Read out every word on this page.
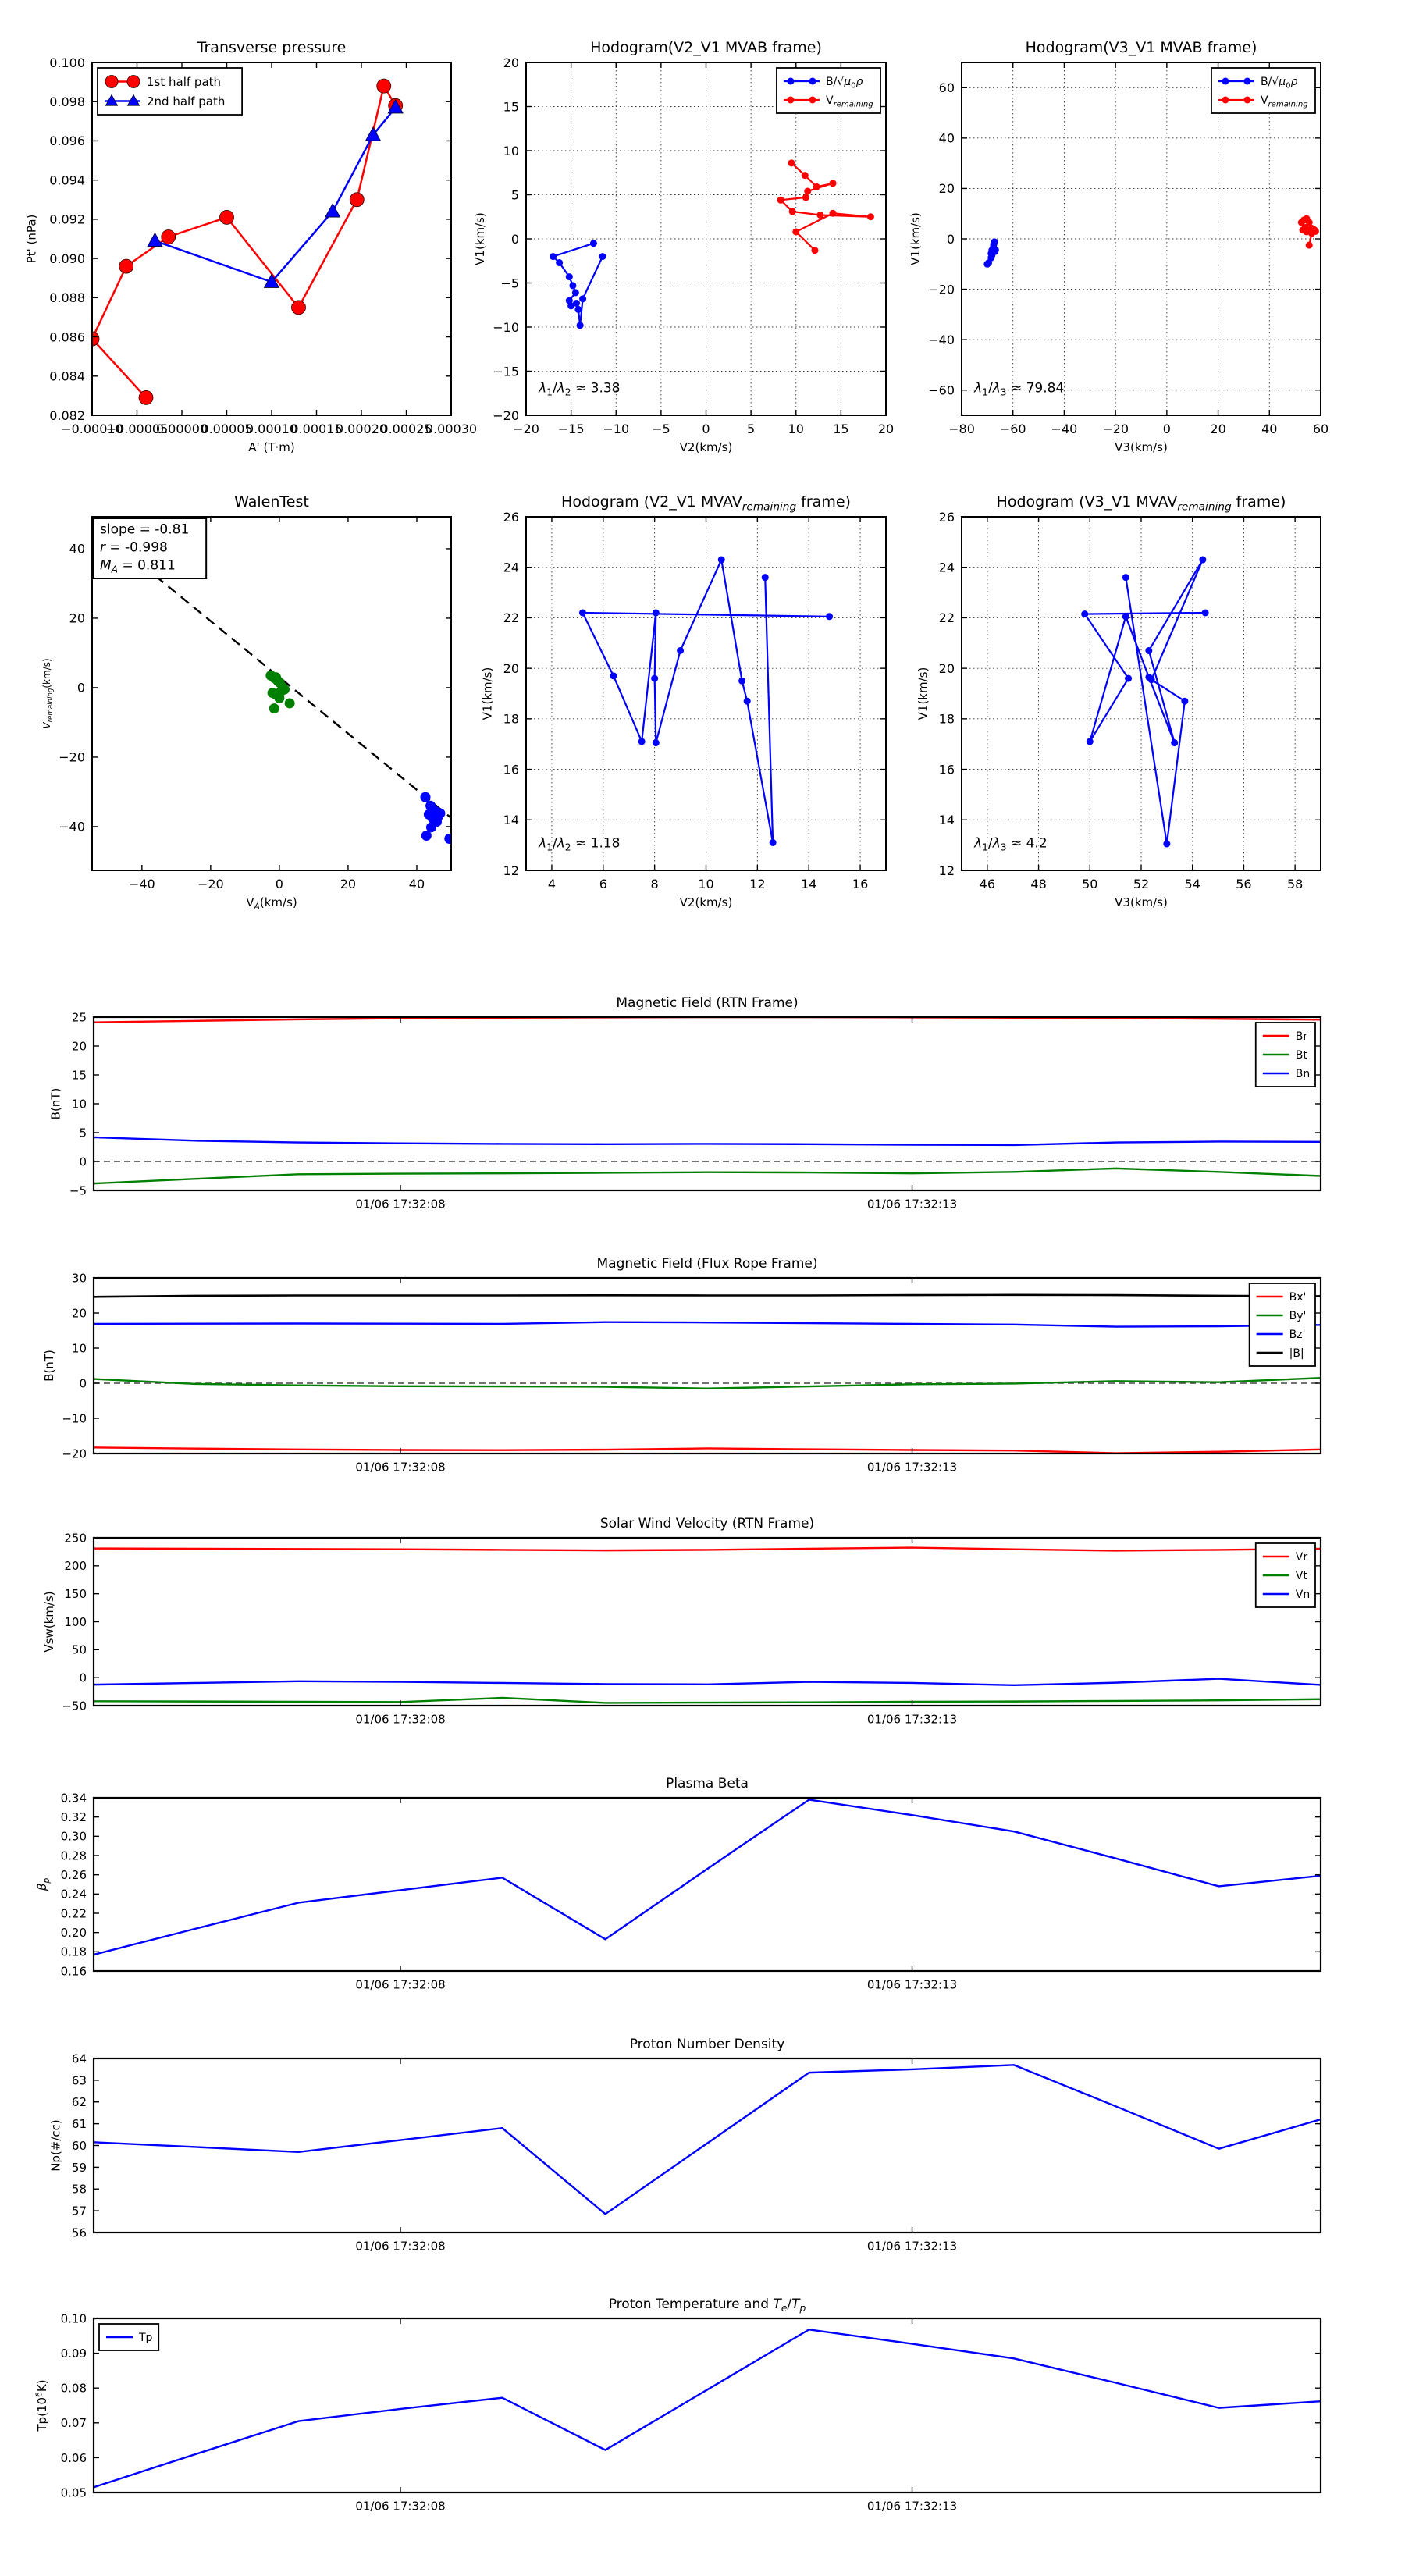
−0.00010
−0.00005
0.00000
0.00005
0.00010
0.00015
0.00020
0.00025
0.00030
0.082
0.084
0.086
0.088
0.090
0.092
0.094
0.096
0.098
0.100
Transverse pressure
A' (T·m)
Pt' (nPa)
1st half path
2nd half path
−20 −15 −10 −5	0	5	10 15 20
−20
−15
−10
−5
0
5
10
15
20
Hodogram(V2_V1 MVAB frame)
V2(km/s)
V1(km/s)
$\lambda_1/\lambda_2 \approx 3.38$
$B/√\mu_0\rho$
$V_{remaining}$
−80 −60 −40 −20	0	20	40	60
−60
−40
−20
0
20
40
60
Hodogram(V3_V1 MVAB frame)
V3(km/s)
V1(km/s)
$\lambda_1/\lambda_3 \approx 79.84$
$B/√\mu_0\rho$
$V_{remaining}$
−40	−20	0	20	40
−40
−20
0
20
40
WalenTest
$V_A(km/s)$
$V_{remaining}(km/s)$
slope = -0.81
r = -0.998
$M_A = 0.811$
4	6	8	10	12	14	16
12
14
16
18
20
22
24
26
Hodogram (V2_V1 $MVAV_{remaining}$ frame)
V2(km/s)
V1(km/s)
$\lambda_1/\lambda_2 \approx 1.18$
46	48	50	52	54	56	58
12
14
16
18
20
22
24
26
Hodogram (V3_V1 $MVAV_{remaining}$ frame)
V3(km/s)
V1(km/s)
$\lambda_1/\lambda_3 \approx 4.2$
01/06 17:32:08	01/06 17:32:13
−5
0
5
10
15
20
25
Magnetic Field (RTN Frame)
B(nT)
Br
Bt
Bn
01/06 17:32:08	01/06 17:32:13
−20
−10
0
10
20
30
Magnetic Field (Flux Rope Frame)
B(nT)
Bx'
By'
Bz'
|B|
01/06 17:32:08	01/06 17:32:13
−50
0
50
100
150
200
250
Solar Wind Velocity (RTN Frame)
Vsw(km/s)
Vr
Vt
Vn
01/06 17:32:08	01/06 17:32:13
0.16
0.18
0.20
0.22
0.24
0.26
0.28
0.30
0.32
0.34
Plasma Beta
$\beta_p$
01/06 17:32:08	01/06 17:32:13
56
57
58
59
60
61
62
63
64
Proton Number Density
Np(#/cc)
01/06 17:32:08	01/06 17:32:13
0.05
0.06
0.07
0.08
0.09
0.10
Proton Temperature and $T_e/T_p$
$Tp(10^6K)$
Tp
